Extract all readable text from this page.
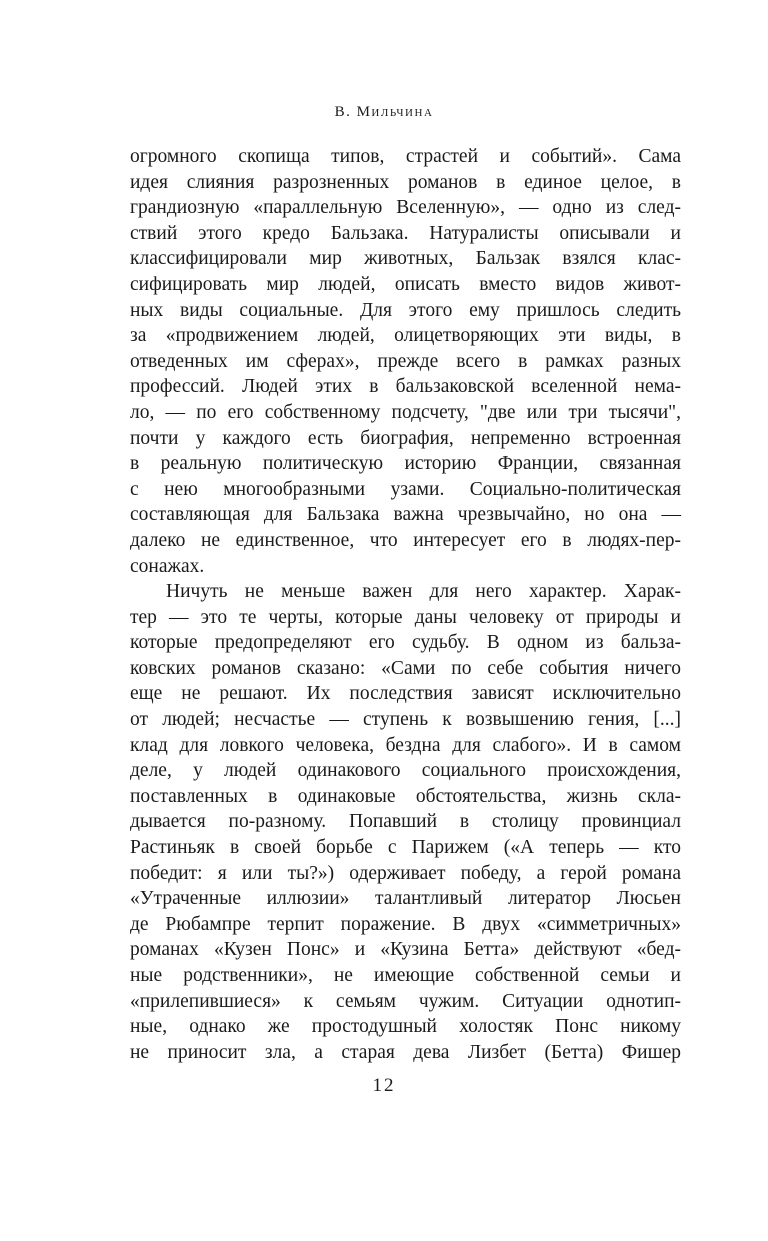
В. Мильчина
огромного скопища типов, страстей и событий». Сама
идея слияния разрозненных романов в единое целое, в
грандиозную «параллельную Вселенную», — одно из след-
ствий этого кредо Бальзака. Натуралисты описывали и
классифицировали мир животных, Бальзак взялся клас-
сифицировать мир людей, описать вместо видов живот-
ных виды социальные. Для этого ему пришлось следить
за «продвижением людей, олицетворяющих эти виды, в
отведенных им сферах», прежде всего в рамках разных
профессий. Людей этих в бальзаковской вселенной нема-
ло, — по его собственному подсчету, "две или три тысячи",
почти у каждого есть биография, непременно встроенная
в реальную политическую историю Франции, связанная
с нею многообразными узами. Социально-политическая
составляющая для Бальзака важна чрезвычайно, но она —
далеко не единственное, что интересует его в людях-пер-
сонажах.
Ничуть не меньше важен для него характер. Харак-
тер — это те черты, которые даны человеку от природы и
которые предопределяют его судьбу. В одном из бальза-
ковских романов сказано: «Сами по себе события ничего
еще не решают. Их последствия зависят исключительно
от людей; несчастье — ступень к возвышению гения, [...]
клад для ловкого человека, бездна для слабого». И в самом
деле, у людей одинакового социального происхождения,
поставленных в одинаковые обстоятельства, жизнь скла-
дывается по-разному. Попавший в столицу провинциал
Растиньяк в своей борьбе с Парижем («А теперь — кто
победит: я или ты?») одерживает победу, а герой романа
«Утраченные иллюзии» талантливый литератор Люсьен
де Рюбампре терпит поражение. В двух «симметричных»
романах «Кузен Понс» и «Кузина Бетта» действуют «бед-
ные родственники», не имеющие собственной семьи и
«прилепившиеся» к семьям чужим. Ситуации однотип-
ные, однако же простодушный холостяк Понс никому
не приносит зла, а старая дева Лизбет (Бетта) Фишер
12
